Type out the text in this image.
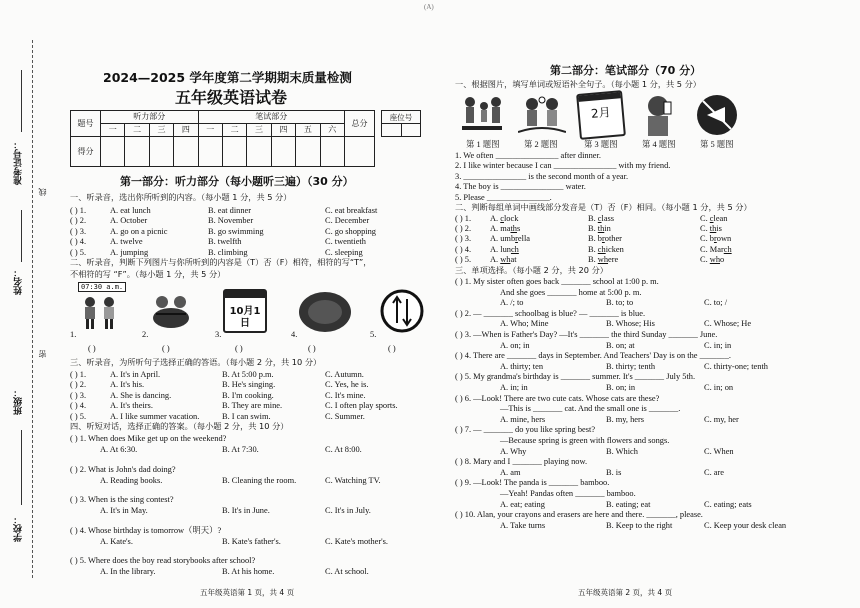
准考证号：
线
姓名：
密
班级：
学校：
(A)
2024—2025 学年度第二学期期末质量检测
五年级英语试卷
题号	听力部分				笔试部分						总分
	一	二	三	四	一	二	三	四	五	六	
得分											
座位号

第一部分：听力部分（每小题听三遍）（30 分）
一、听录音，选出你所听到的内容。（每小题 1 分，共 5 分）
( ) 1.	A. eat lunch	B. eat dinner	C. eat breakfast
( ) 2.	A. October	B. November	C. December
( ) 3.	A. go on a picnic	B. go swimming	C. go shopping
( ) 4.	A. twelve	B. twelfth	C. twentieth
( ) 5.	A. jumping	B. climbing	C. sleeping
二、听录音，判断下列图片与你所听到的内容是（T）否（F）相符，相符的写“T”，
不相符的写 “F”。（每小题 1 分，共 5 分）
07:30 a.m.
1.	2.
10月1日
3.	4.	5.
( )	( )	( )	( )	( )
三、听录音，为所听句子选择正确的答语。（每小题 2 分，共 10 分）
( ) 1.	A. It's in April.	B. At 5:00 p.m.	C. Autumn.
( ) 2.	A. It's his.	B. He's singing.	C. Yes, he is.
( ) 3.	A. She is dancing.	B. I'm cooking.	C. It's mine.
( ) 4.	A. It's theirs.	B. They are mine.	C. I often play sports.
( ) 5.	A. I like summer vacation.	B. I can swim.	C. Summer.
四、听短对话，选择正确的答案。（每小题 2 分，共 10 分）
( ) 1. When does Mike get up on the weekend?
A. At 6:30.	B. At 7:30.	C. At 8:00.
( ) 2. What is John's dad doing?
A. Reading books.	B. Cleaning the room.	C. Watching TV.
( ) 3. When is the sing contest?
A. It's in May.	B. It's in June.	C. It's in July.
( ) 4. Whose birthday is tomorrow（明天）?
A. Kate's.	B. Kate's father's.	C. Kate's mother's.
( ) 5. Where does the boy read storybooks after school?
A. In the library.	B. At his home.	C. At school.
五年级英语第 1 页，共 4 页
第二部分：笔试部分（70 分）
一、根据图片，填写单词或短语补全句子。（每小题 1 分，共 5 分）
2月
第 1 题图	第 2 题图	第 3 题图	第 4 题图	第 5 题图
1. We often _______________ after dinner.
2. I like winter because I can _______________ with my friend.
3. _______________ is the second month of a year.
4. The boy is _______________ water.
5. Please _______________.
二、判断每组单词中画线部分发音是（T）否（F）相同。（每小题 1 分，共 5 分）
( ) 1. A. clock	B. class	C. clean
( ) 2. A. maths	B. thin	C. this
( ) 3. A. umbrella	B. brother	C. brown
( ) 4. A. lunch	B. chicken	C. March
( ) 5. A. what	B. where	C. who
三、单项选择。（每小题 2 分，共 20 分）
( ) 1. My sister often goes back _______ school at 1:00 p. m.
And she goes _______ home at 5:00 p. m.
A. /; to	B. to; to	C. to; /
( ) 2. — _______ schoolbag is blue? — _______ is blue.
A. Who; Mine	B. Whose; His	C. Whose; He
( ) 3. —When is Father's Day? —It's _______ the third Sunday _______ June.
A. on; in	B. on; at	C. in; in
( ) 4. There are _______ days in September. And Teachers' Day is on the _______.
A. thirty; ten	B. thirty; tenth	C. thirty-one; tenth
( ) 5. My grandma's birthday is _______ summer. It's _______ July 5th.
A. in; in	B. on; in	C. in; on
( ) 6. —Look! There are two cute cats. Whose cats are these?
—This is _______ cat. And the small one is _______.
A. mine, hers	B. my, hers	C. my, her
( ) 7. — _______ do you like spring best?
—Because spring is green with flowers and songs.
A. Why	B. Which	C. When
( ) 8. Mary and I _______ playing now.
A. am	B. is	C. are
( ) 9. —Look! The panda is _______ bamboo.
—Yeah! Pandas often _______ bamboo.
A. eat; eating	B. eating; eat	C. eating; eats
( ) 10. Alan, your crayons and erasers are here and there. _______, please.
A. Take turns	B. Keep to the right	C. Keep your desk clean
五年级英语第 2 页，共 4 页
